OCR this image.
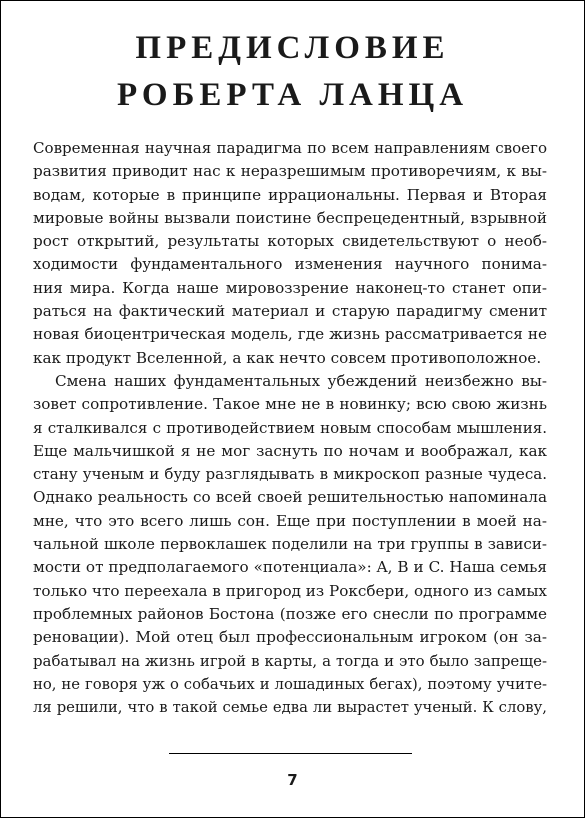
ПРЕДИСЛОВИЕ
РОБЕРТА ЛАНЦА
Современная научная парадигма по всем направлениям своего
развития приводит нас к неразрешимым противоречиям, к вы-
водам, которые в принципе иррациональны. Первая и Вторая
мировые войны вызвали поистине беспрецедентный, взрывной
рост открытий, результаты которых свидетельствуют о необ-
ходимости фундаментального изменения научного понима-
ния мира. Когда наше мировоззрение наконец-то станет опи-
раться на фактический материал и старую парадигму сменит
новая биоцентрическая модель, где жизнь рассматривается не
как продукт Вселенной, а как нечто совсем противоположное.
Смена наших фундаментальных убеждений неизбежно вы-
зовет сопротивление. Такое мне не в новинку; всю свою жизнь
я сталкивался с противодействием новым способам мышления.
Еще мальчишкой я не мог заснуть по ночам и воображал, как
стану ученым и буду разглядывать в микроскоп разные чудеса.
Однако реальность со всей своей решительностью напоминала
мне, что это всего лишь сон. Еще при поступлении в моей на-
чальной школе первоклашек поделили на три группы в зависи-
мости от предполагаемого «потенциала»: A, B и C. Наша семья
только что переехала в пригород из Роксбери, одного из самых
проблемных районов Бостона (позже его снесли по программе
реновации). Мой отец был профессиональным игроком (он за-
рабатывал на жизнь игрой в карты, а тогда и это было запреще-
но, не говоря уж о собачьих и лошадиных бегах), поэтому учите-
ля решили, что в такой семье едва ли вырастет ученый. К слову,
7
